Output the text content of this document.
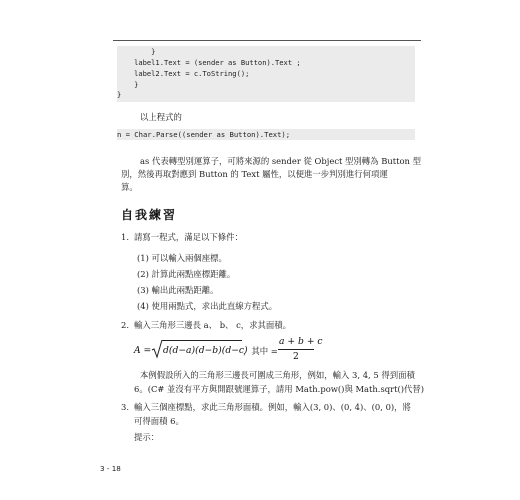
}
label1.Text = (sender as Button).Text ;
label2.Text = c.ToString();
}
}
以上程式的
n = Char.Parse((sender as Button).Text);
as 代表轉型別運算子，可將來源的 sender 從 Object 型別轉為 Button 型
別，然後再取對應到 Button 的 Text 屬性，以便進一步判別進行何項運
算。
自我練習
1. 請寫一程式，滿足以下條件：
(1) 可以輸入兩個座標。
(2) 計算此兩點座標距離。
(3) 輸出此兩點距離。
(4) 使用兩點式，求出此直線方程式。
2. 輸入三角形三邊長 a、 b、 c，求其面積。
A = d(d−a)(d−b)(d−c)
，其中 =
a + b + c
2
本例假設所入的三角形三邊長可圍成三角形，例如，輸入 3, 4, 5 得到面積
6。(C# 並沒有平方與開跟號運算子，請用 Math.pow()與 Math.sqrt()代替)
3. 輸入三個座標點，求此三角形面積。例如，輸入(3, 0)、(0, 4)、(0, 0)，將
可得面積 6。
提示：
3 - 18
